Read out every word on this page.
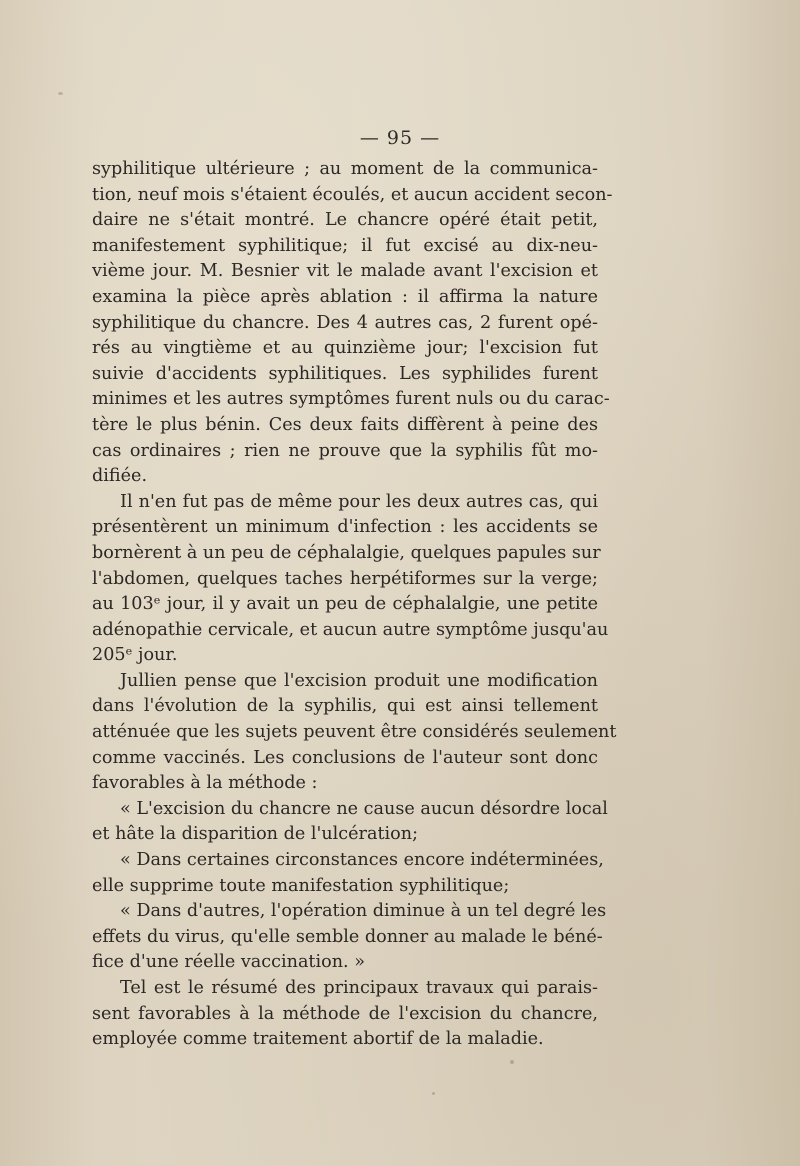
— 95 —
syphilitique ultérieure ; au moment de la communica-
tion, neuf mois s'étaient écoulés, et aucun accident secon-
daire ne s'était montré. Le chancre opéré était petit,
manifestement syphilitique; il fut excisé au dix-neu-
vième jour. M. Besnier vit le malade avant l'excision et
examina la pièce après ablation : il affirma la nature
syphilitique du chancre. Des 4 autres cas, 2 furent opé-
rés au vingtième et au quinzième jour; l'excision fut
suivie d'accidents syphilitiques. Les syphilides furent
minimes et les autres symptômes furent nuls ou du carac-
tère le plus bénin. Ces deux faits diffèrent à peine des
cas ordinaires ; rien ne prouve que la syphilis fût mo-
difiée.
Il n'en fut pas de même pour les deux autres cas, qui
présentèrent un minimum d'infection : les accidents se
bornèrent à un peu de céphalalgie, quelques papules sur
l'abdomen, quelques taches herpétiformes sur la verge;
au 103ᵉ jour, il y avait un peu de céphalalgie, une petite
adénopathie cervicale, et aucun autre symptôme jusqu'au
205ᵉ jour.
Jullien pense que l'excision produit une modification
dans l'évolution de la syphilis, qui est ainsi tellement
atténuée que les sujets peuvent être considérés seulement
comme vaccinés. Les conclusions de l'auteur sont donc
favorables à la méthode :
« L'excision du chancre ne cause aucun désordre local
et hâte la disparition de l'ulcération;
« Dans certaines circonstances encore indéterminées,
elle supprime toute manifestation syphilitique;
« Dans d'autres, l'opération diminue à un tel degré les
effets du virus, qu'elle semble donner au malade le béné-
fice d'une réelle vaccination. »
Tel est le résumé des principaux travaux qui parais-
sent favorables à la méthode de l'excision du chancre,
employée comme traitement abortif de la maladie.
